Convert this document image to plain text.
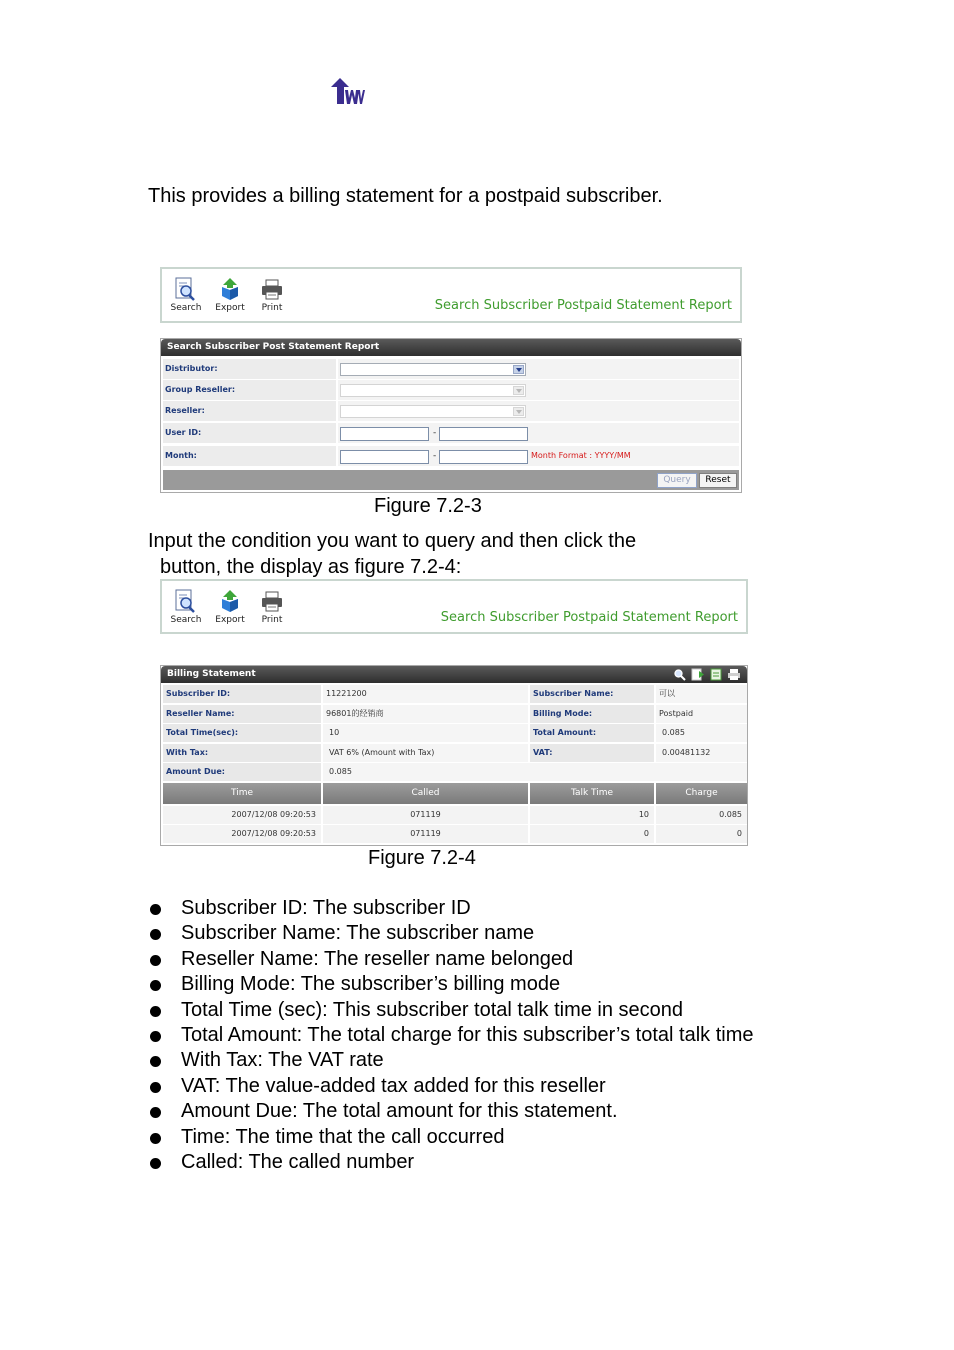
This provides a billing statement for a postpaid subscriber.
Search	Export	Print	Search Subscriber Postpaid Statement Report
Search Subscriber Post Statement Report
Distributor:
Group Reseller:
Reseller:
User ID:	-
Month:	-	Month Format : YYYY/MM
Query	Reset
Figure 7.2-3
Input the condition you want to query and then click the
button, the display as figure 7.2-4:
Search	Export	Print	Search Subscriber Postpaid Statement Report
Billing Statement
Subscriber ID:	11221200	Subscriber Name:	可以
Reseller Name:	96801的经销商	Billing Mode:	Postpaid
Total Time(sec):	10	Total Amount:	0.085
With Tax:	VAT 6% (Amount with Tax)	VAT:	0.00481132
Amount Due:	0.085
Time	Called	Talk Time	Charge
2007/12/08 09:20:53	071119	10	0.085
2007/12/08 09:20:53	071119	0	0
Figure 7.2-4
Subscriber ID: The subscriber ID
Subscriber Name: The subscriber name
Reseller Name: The reseller name belonged
Billing Mode: The subscriber’s billing mode
Total Time (sec): This subscriber total talk time in second
Total Amount: The total charge for this subscriber’s total talk time
With Tax: The VAT rate
VAT: The value-added tax added for this reseller
Amount Due: The total amount for this statement.
Time: The time that the call occurred
Called: The called number
